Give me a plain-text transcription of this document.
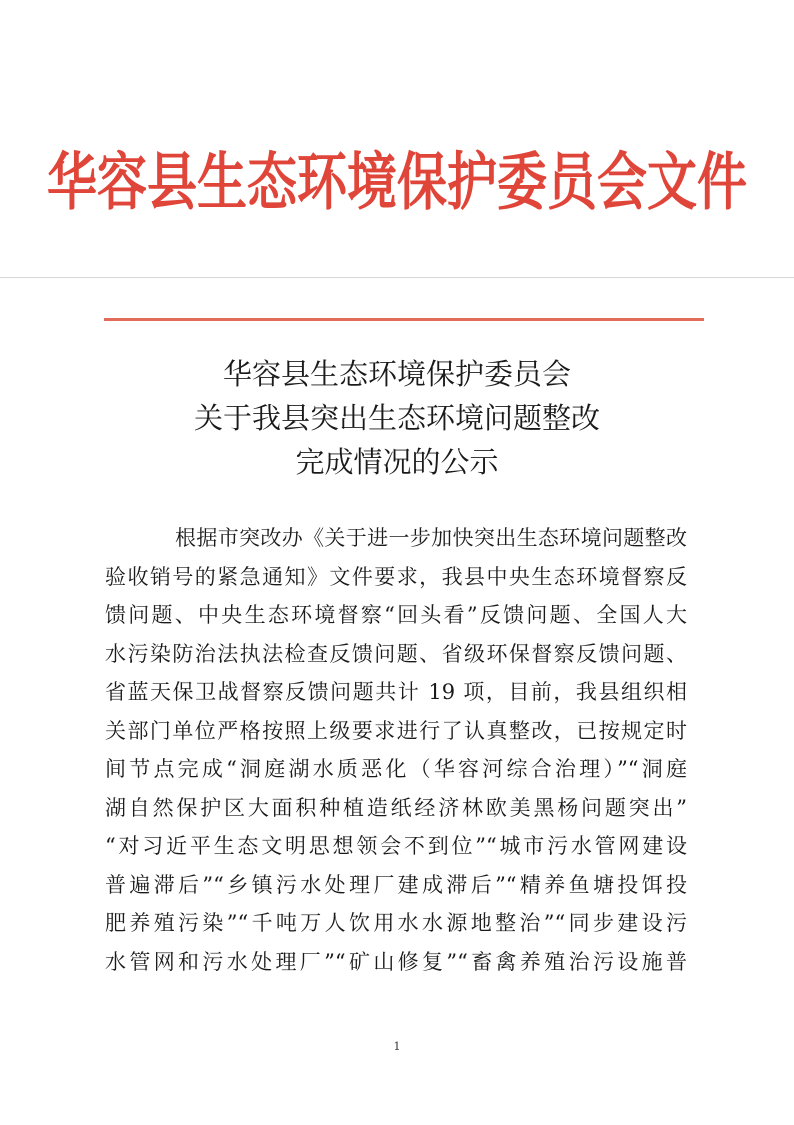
华容县生态环境保护委员会文件
华容县生态环境保护委员会
关于我县突出生态环境问题整改
完成情况的公示
根据市突改办《关于进一步加快突出生态环境问题整改
验收销号的紧急通知》文件要求，我县中央生态环境督察反
馈问题、中央生态环境督察“回头看”反馈问题、全国人大
水污染防治法执法检查反馈问题、省级环保督察反馈问题、
省蓝天保卫战督察反馈问题共计 19 项，目前，我县组织相
关部门单位严格按照上级要求进行了认真整改，已按规定时
间节点完成“洞庭湖水质恶化（华容河综合治理）”“洞庭
湖自然保护区大面积种植造纸经济林欧美黑杨问题突出”
“对习近平生态文明思想领会不到位”“城市污水管网建设
普遍滞后”“乡镇污水处理厂建成滞后”“精养鱼塘投饵投
肥养殖污染”“千吨万人饮用水水源地整治”“同步建设污
水管网和污水处理厂”“矿山修复”“畜禽养殖治污设施普
1
